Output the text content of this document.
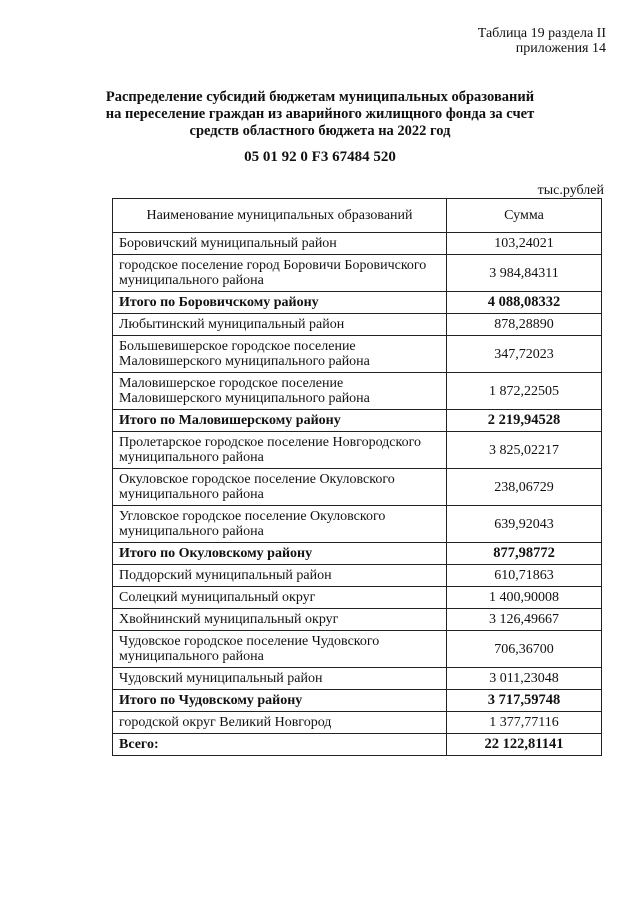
Таблица 19 раздела II
приложения 14
Распределение субсидий бюджетам муниципальных образований
на переселение граждан из аварийного жилищного фонда за счет
средств областного бюджета на 2022 год
05 01 92 0 F3 67484 520
тыс.рублей
Наименование муниципальных образований	Сумма
Боровичский муниципальный район	103,24021
городское поселение город Боровичи Боровичского муниципального района	3 984,84311
Итого по Боровичскому району	4 088,08332
Любытинский муниципальный район	878,28890
Большевишерское городское поселение Маловишерского муниципального района	347,72023
Маловишерское городское поселение Маловишерского муниципального района	1 872,22505
Итого по Маловишерскому району	2 219,94528
Пролетарское городское поселение Новгородского муниципального района	3 825,02217
Окуловское городское поселение Окуловского муниципального района	238,06729
Угловское городское поселение Окуловского муниципального района	639,92043
Итого по Окуловскому району	877,98772
Поддорский муниципальный район	610,71863
Солецкий муниципальный округ	1 400,90008
Хвойнинский муниципальный округ	3 126,49667
Чудовское городское поселение Чудовского муниципального района	706,36700
Чудовский муниципальный район	3 011,23048
Итого по Чудовскому району	3 717,59748
городской округ Великий Новгород	1 377,77116
Всего:	22 122,81141
